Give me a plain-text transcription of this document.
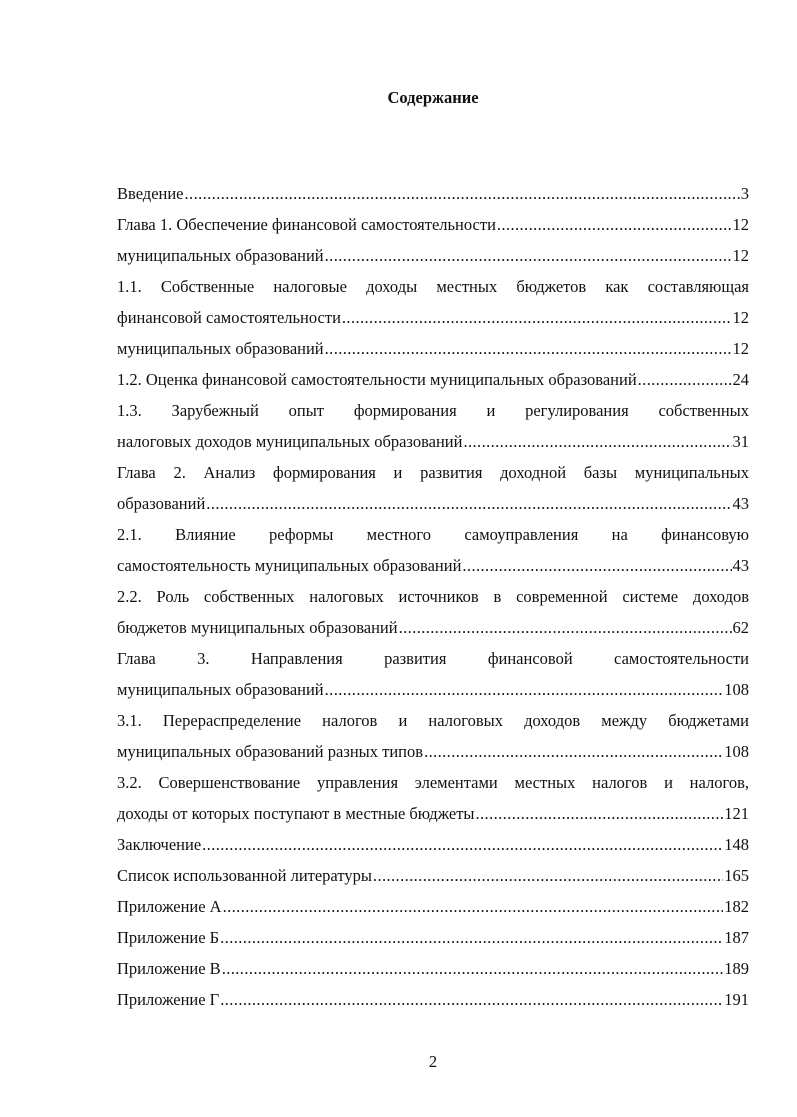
Содержание
Введение .....	3
Глава 1. Обеспечение финансовой самостоятельности .....	12
муниципальных образований .....	12
1.1. Собственные налоговые доходы местных бюджетов как составляющая
финансовой самостоятельности .....	12
муниципальных образований .....	12
1.2. Оценка финансовой самостоятельности муниципальных образований .....	24
1.3. Зарубежный опыт формирования и регулирования собственных
налоговых доходов муниципальных образований .....	31
Глава 2. Анализ формирования и развития доходной базы муниципальных
образований .....	43
2.1. Влияние реформы местного самоуправления на финансовую
самостоятельность муниципальных образований .....	43
2.2. Роль собственных налоговых источников в современной системе доходов
бюджетов муниципальных образований .....	62
Глава 3. Направления развития финансовой самостоятельности
муниципальных образований .....	108
3.1. Перераспределение налогов и налоговых доходов между бюджетами
муниципальных образований разных типов .....	108
3.2. Совершенствование управления элементами местных налогов и налогов,
доходы от которых поступают в местные бюджеты .....	121
Заключение .....	148
Список использованной литературы .....	165
Приложение А .....	182
Приложение Б .....	187
Приложение В .....	189
Приложение Г .....	191
2
